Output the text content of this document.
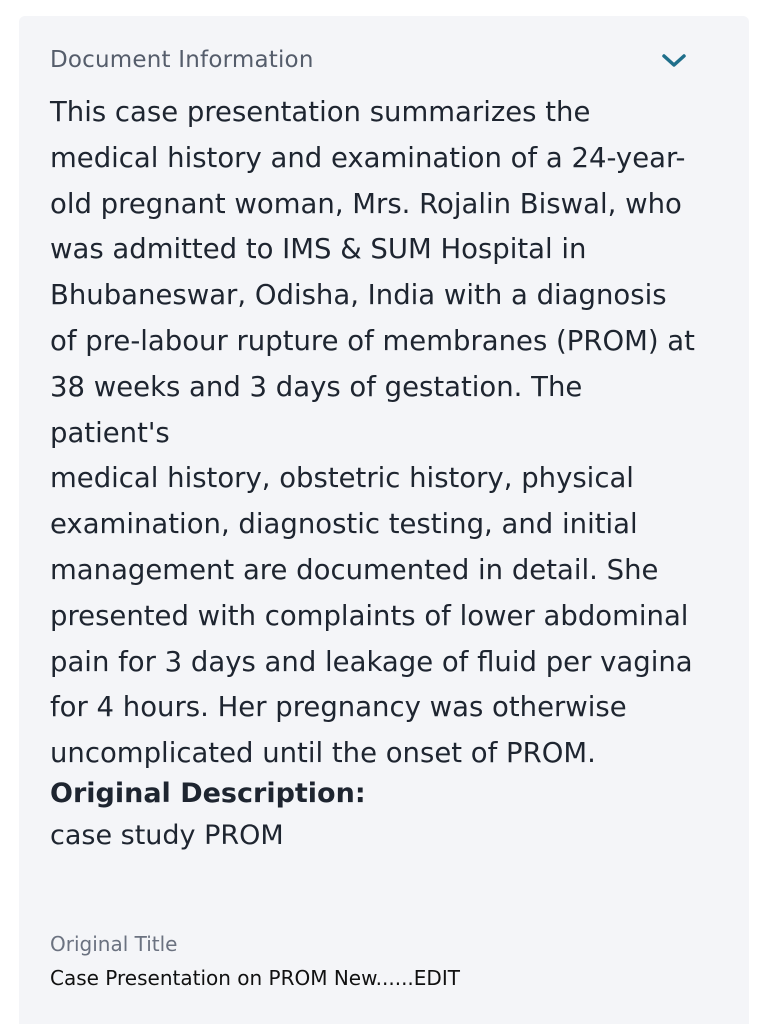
Document Information
This case presentation summarizes the
medical history and examination of a 24-year-
old pregnant woman, Mrs. Rojalin Biswal, who
was admitted to IMS & SUM Hospital in
Bhubaneswar, Odisha, India with a diagnosis
of pre-labour rupture of membranes (PROM) at
38 weeks and 3 days of gestation. The patient's
medical history, obstetric history, physical
examination, diagnostic testing, and initial
management are documented in detail. She
presented with complaints of lower abdominal
pain for 3 days and leakage of fluid per vagina
for 4 hours. Her pregnancy was otherwise
uncomplicated until the onset of PROM.
Original Description:
case study PROM
Original Title
Case Presentation on PROM New......EDIT
